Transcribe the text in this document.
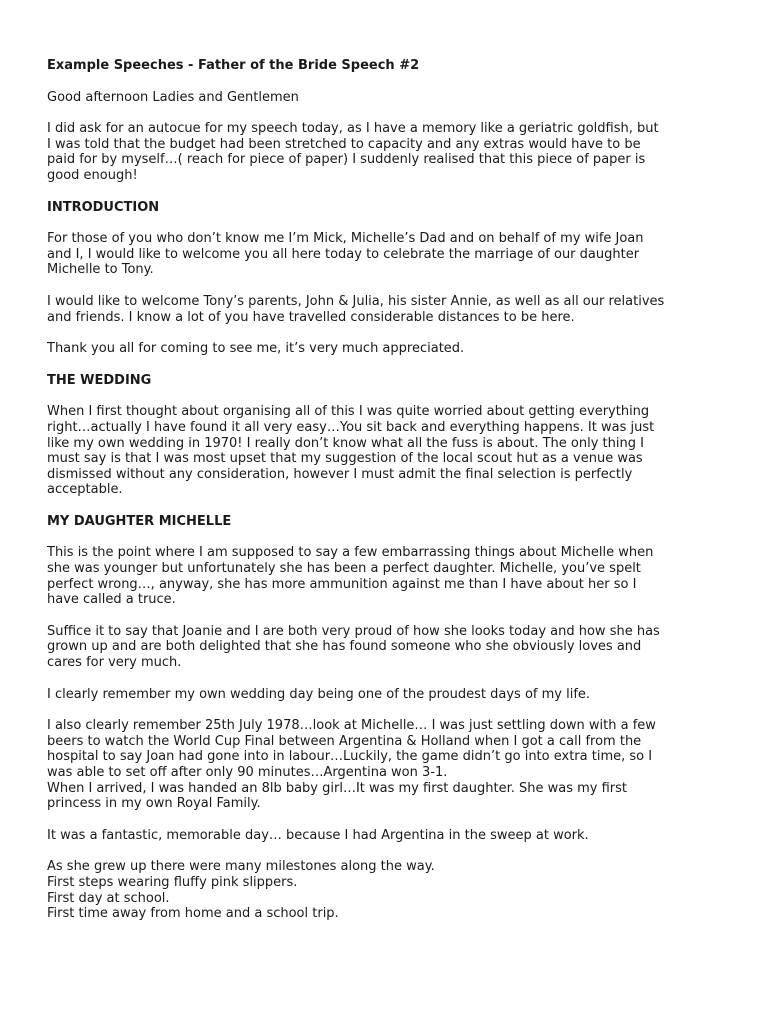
Example Speeches - Father of the Bride Speech #2
Good afternoon Ladies and Gentlemen
I did ask for an autocue for my speech today, as I have a memory like a geriatric goldfish, but
I was told that the budget had been stretched to capacity and any extras would have to be
paid for by myself…( reach for piece of paper) I suddenly realised that this piece of paper is
good enough!
INTRODUCTION
For those of you who don’t know me I’m Mick, Michelle’s Dad and on behalf of my wife Joan
and I, I would like to welcome you all here today to celebrate the marriage of our daughter
Michelle to Tony.
I would like to welcome Tony’s parents, John & Julia, his sister Annie, as well as all our relatives
and friends. I know a lot of you have travelled considerable distances to be here.
Thank you all for coming to see me, it’s very much appreciated.
THE WEDDING
When I first thought about organising all of this I was quite worried about getting everything
right…actually I have found it all very easy…You sit back and everything happens. It was just
like my own wedding in 1970! I really don’t know what all the fuss is about. The only thing I
must say is that I was most upset that my suggestion of the local scout hut as a venue was
dismissed without any consideration, however I must admit the final selection is perfectly
acceptable.
MY DAUGHTER MICHELLE
This is the point where I am supposed to say a few embarrassing things about Michelle when
she was younger but unfortunately she has been a perfect daughter. Michelle, you’ve spelt
perfect wrong…, anyway, she has more ammunition against me than I have about her so I
have called a truce.
Suffice it to say that Joanie and I are both very proud of how she looks today and how she has
grown up and are both delighted that she has found someone who she obviously loves and
cares for very much.
I clearly remember my own wedding day being one of the proudest days of my life.
I also clearly remember 25th July 1978…look at Michelle… I was just settling down with a few
beers to watch the World Cup Final between Argentina & Holland when I got a call from the
hospital to say Joan had gone into in labour…Luckily, the game didn’t go into extra time, so I
was able to set off after only 90 minutes…Argentina won 3-1.
When I arrived, I was handed an 8lb baby girl…It was my first daughter. She was my first
princess in my own Royal Family.
It was a fantastic, memorable day… because I had Argentina in the sweep at work.
As she grew up there were many milestones along the way.
First steps wearing fluffy pink slippers.
First day at school.
First time away from home and a school trip.
